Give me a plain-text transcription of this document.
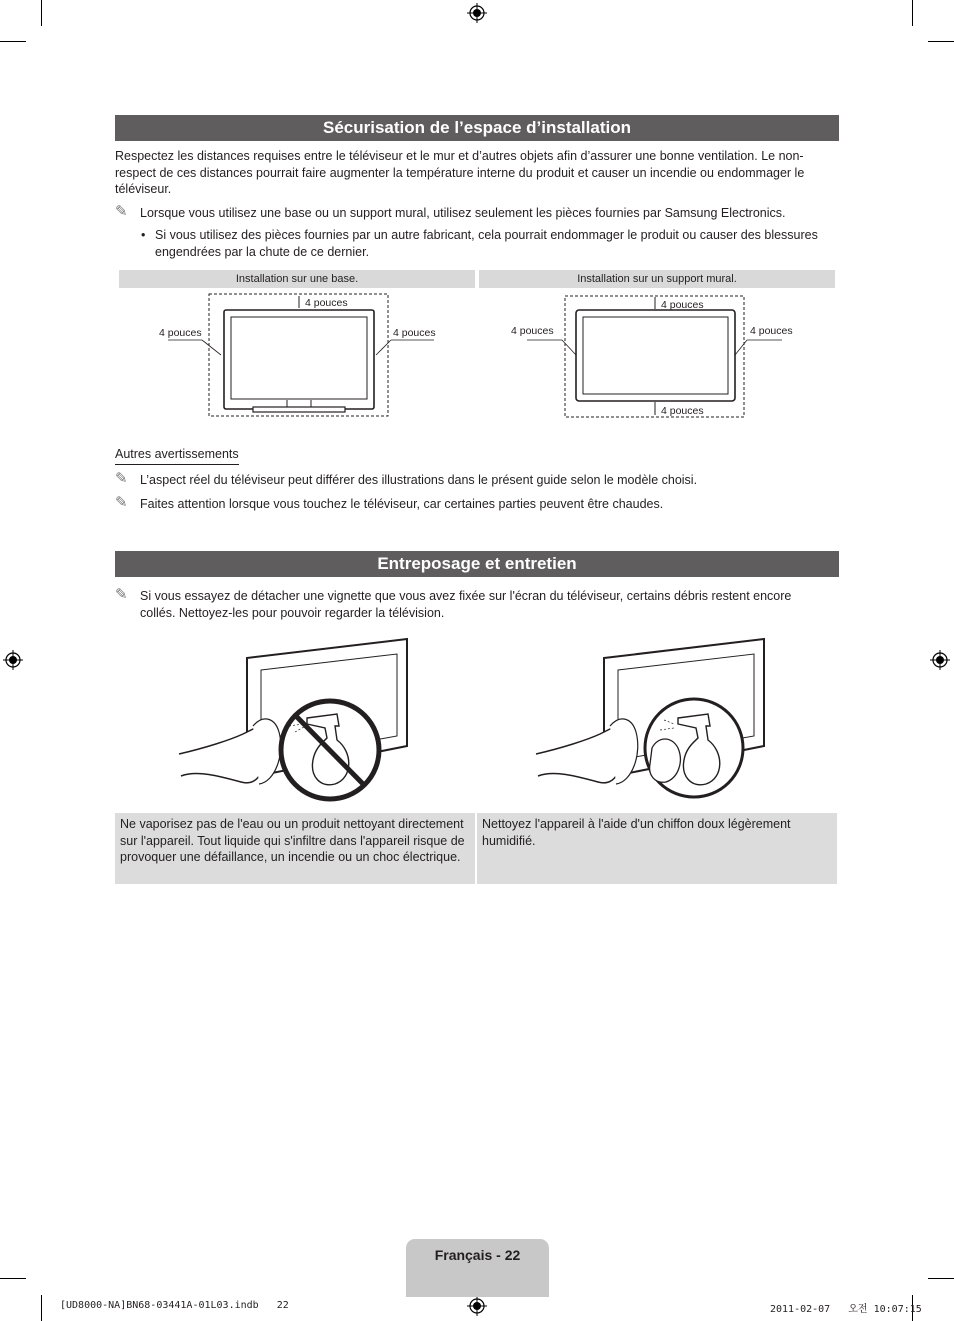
Sécurisation de l’espace d’installation
Respectez les distances requises entre le téléviseur et le mur et d’autres objets afin d’assurer une bonne ventilation. Le non-respect de ces distances pourrait faire augmenter la température interne du produit et causer un incendie ou endommager le téléviseur.
✎ Lorsque vous utilisez une base ou un support mural, utilisez seulement les pièces fournies par Samsung Electronics.
• Si vous utilisez des pièces fournies par un autre fabricant, cela pourrait endommager le produit ou causer des blessures engendrées par la chute de ce dernier.
Installation sur une base.	Installation sur un support mural.
4 pouces
4 pouces	4 pouces
4 pouces
4 pouces	4 pouces
4 pouces
Autres avertissements
✎ L’aspect réel du téléviseur peut différer des illustrations dans le présent guide selon le modèle choisi.
✎ Faites attention lorsque vous touchez le téléviseur, car certaines parties peuvent être chaudes.
Entreposage et entretien
✎ Si vous essayez de détacher une vignette que vous avez fixée sur l'écran du téléviseur, certains débris restent encore collés. Nettoyez-les pour pouvoir regarder la télévision.
Ne vaporisez pas de l'eau ou un produit nettoyant directement sur l'appareil. Tout liquide qui s'infiltre dans l'appareil risque de provoquer une défaillance, un incendie ou un choc électrique.
Nettoyez l'appareil à l'aide d'un chiffon doux légèrement humidifié.
Français - 22
[UD8000-NA]BN68-03441A-01L03.indb   22	2011-02-07   오전 10:07:15
